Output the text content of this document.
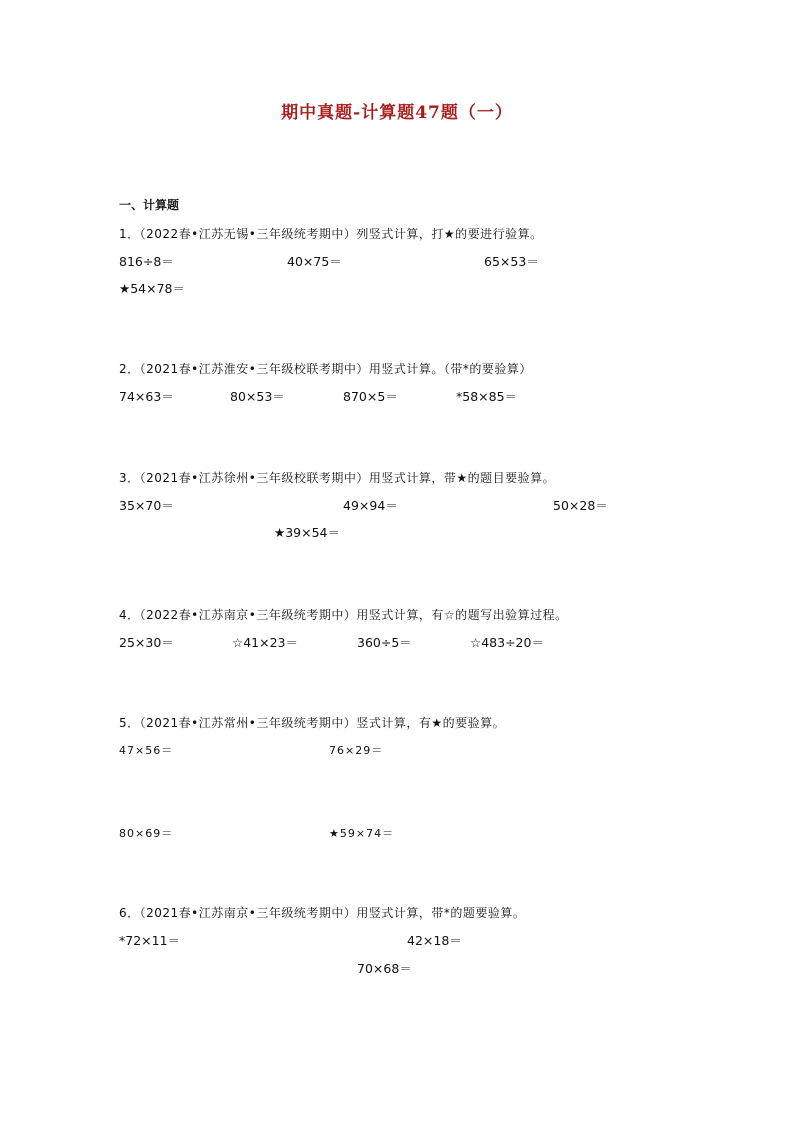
期中真题-计算题47题（一）
一、计算题
1．（2022春•江苏无锡•三年级统考期中）列竖式计算，打★的要进行验算。
816÷8＝	40×75＝	65×53＝
★54×78＝
2．（2021春•江苏淮安•三年级校联考期中）用竖式计算。（带*的要验算）
74×63＝	80×53＝	870×5＝	*58×85＝
3．（2021春•江苏徐州•三年级校联考期中）用竖式计算，带★的题目要验算。
35×70＝	49×94＝	50×28＝
★39×54＝
4．（2022春•江苏南京•三年级统考期中）用竖式计算，有☆的题写出验算过程。
25×30＝	☆41×23＝	360÷5＝	☆483÷20＝
5．（2021春•江苏常州•三年级统考期中）竖式计算，有★的要验算。
47×56＝	76×29＝
80×69＝	★59×74＝
6．（2021春•江苏南京•三年级统考期中）用竖式计算，带*的题要验算。
*72×11＝	42×18＝
70×68＝
